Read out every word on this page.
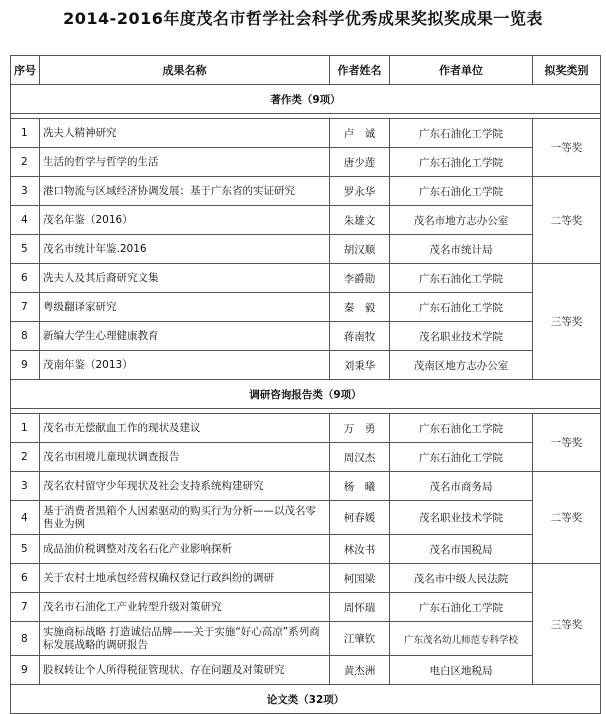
2014-2016年度茂名市哲学社会科学优秀成果奖拟奖成果一览表
序号	成果名称	作者姓名	作者单位	拟奖类别
著作类（9项）				

1	冼夫人精神研究	卢　诚	广东石油化工学院	一等奖
2	生活的哲学与哲学的生活	唐少莲	广东石油化工学院	
3	港口物流与区域经济协调发展：基于广东省的实证研究	罗永华	广东石油化工学院	二等奖
4	茂名年鉴（2016）	朱雄文	茂名市地方志办公室	
5	茂名市统计年鉴.2016	胡汉顺	茂名市统计局	
6	冼夫人及其后裔研究文集	李爵勋	广东石油化工学院	三等奖
7	粤级翻译家研究	秦　毅	广东石油化工学院	
8	新编大学生心理健康教育	蒋南牧	茂名职业技术学院	
9	茂南年鉴（2013）	刘秉华	茂南区地方志办公室	
调研咨询报告类（9项）				

1	茂名市无偿献血工作的现状及建议	万　勇	广东石油化工学院	一等奖
2	茂名市困境儿童现状调查报告	周汉杰	广东石油化工学院	
3	茂名农村留守少年现状及社会支持系统构建研究	杨　曦	茂名市商务局	二等奖
4	基于消费者黑箱个人因素驱动的购买行为分析——以茂名零售业为例	柯春媛	茂名职业技术学院	
5	成品油价税调整对茂名石化产业影响探析	林汝书	茂名市国税局	
6	关于农村土地承包经营权确权登记行政纠纷的调研	柯国梁	茂名市中级人民法院	三等奖
7	茂名市石油化工产业转型升级对策研究	周怀瑞	广东石油化工学院	
8	实施商标战略 打造诚信品牌——关于实施“好心高凉”系列商标发展战略的调研报告	江肇钦	广东茂名幼儿师范专科学校	
9	股权转让个人所得税征管现状、存在问题及对策研究	黄杰洲	电白区地税局	
论文类（32项）				
